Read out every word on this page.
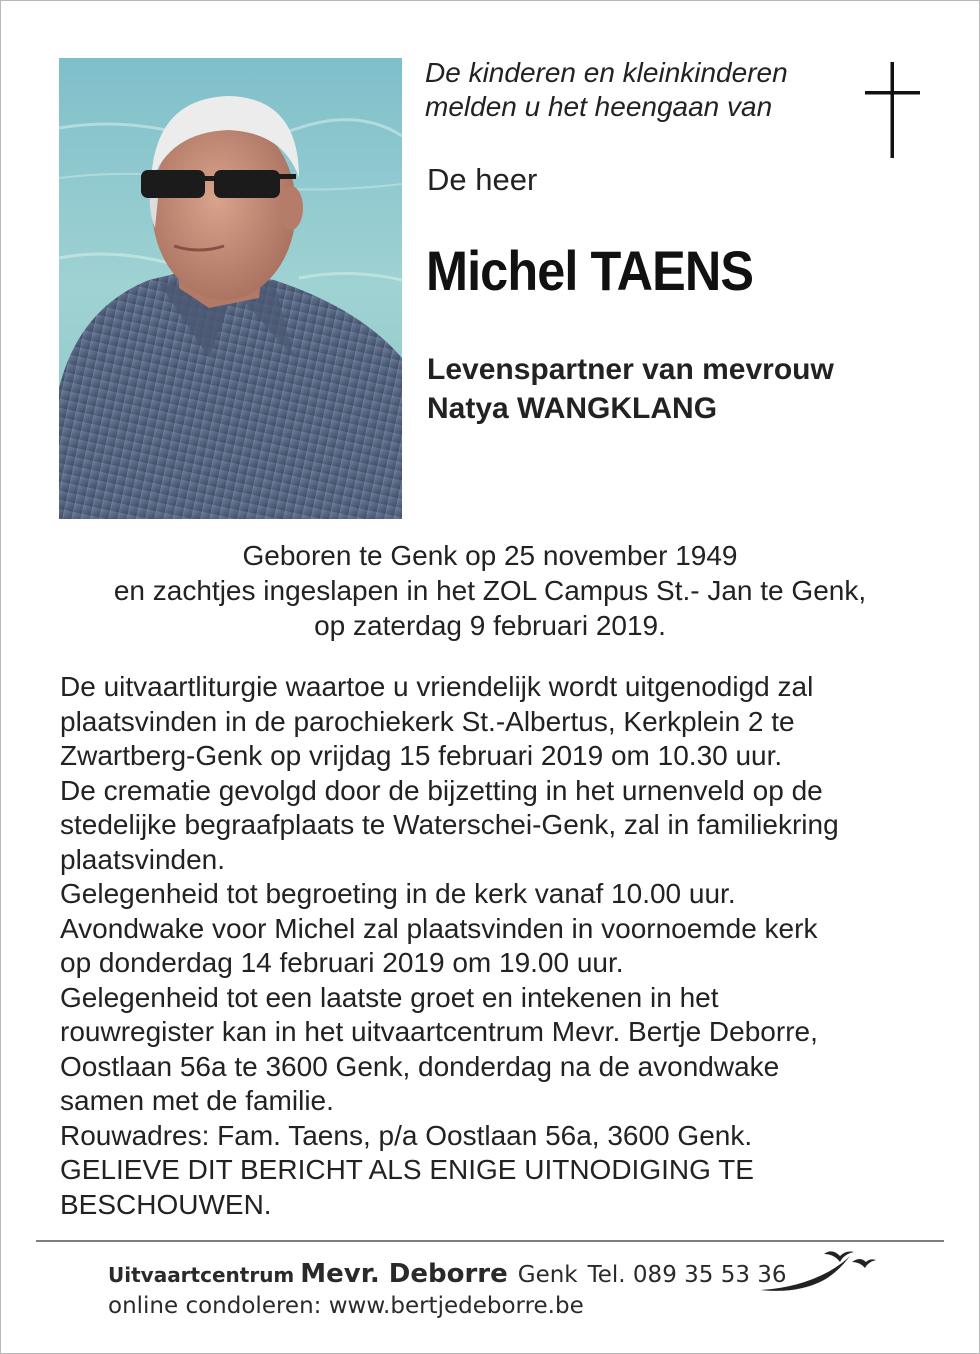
De kinderen en kleinkinderen
melden u het heengaan van
De heer
Michel TAENS
Levenspartner van mevrouw
Natya WANGKLANG
Geboren te Genk op 25 november 1949
en zachtjes ingeslapen in het ZOL Campus St.- Jan te Genk,
op zaterdag 9 februari 2019.
De uitvaartliturgie waartoe u vriendelijk wordt uitgenodigd zal
plaatsvinden in de parochiekerk St.-Albertus, Kerkplein 2 te
Zwartberg-Genk op vrijdag 15 februari 2019 om 10.30 uur.
De crematie gevolgd door de bijzetting in het urnenveld op de
stedelijke begraafplaats te Waterschei-Genk, zal in familiekring
plaatsvinden.
Gelegenheid tot begroeting in de kerk vanaf 10.00 uur.
Avondwake voor Michel zal plaatsvinden in voornoemde kerk
op donderdag 14 februari 2019 om 19.00 uur.
Gelegenheid tot een laatste groet en intekenen in het
rouwregister kan in het uitvaartcentrum Mevr. Bertje Deborre,
Oostlaan 56a te 3600 Genk, donderdag na de avondwake
samen met de familie.
Rouwadres: Fam. Taens, p/a Oostlaan 56a, 3600 Genk.
GELIEVE DIT BERICHT ALS ENIGE UITNODIGING TE
BESCHOUWEN.
Uitvaartcentrum Mevr. Deborre Genk Tel. 089 35 53 36
online condoleren: www.bertjedeborre.be
